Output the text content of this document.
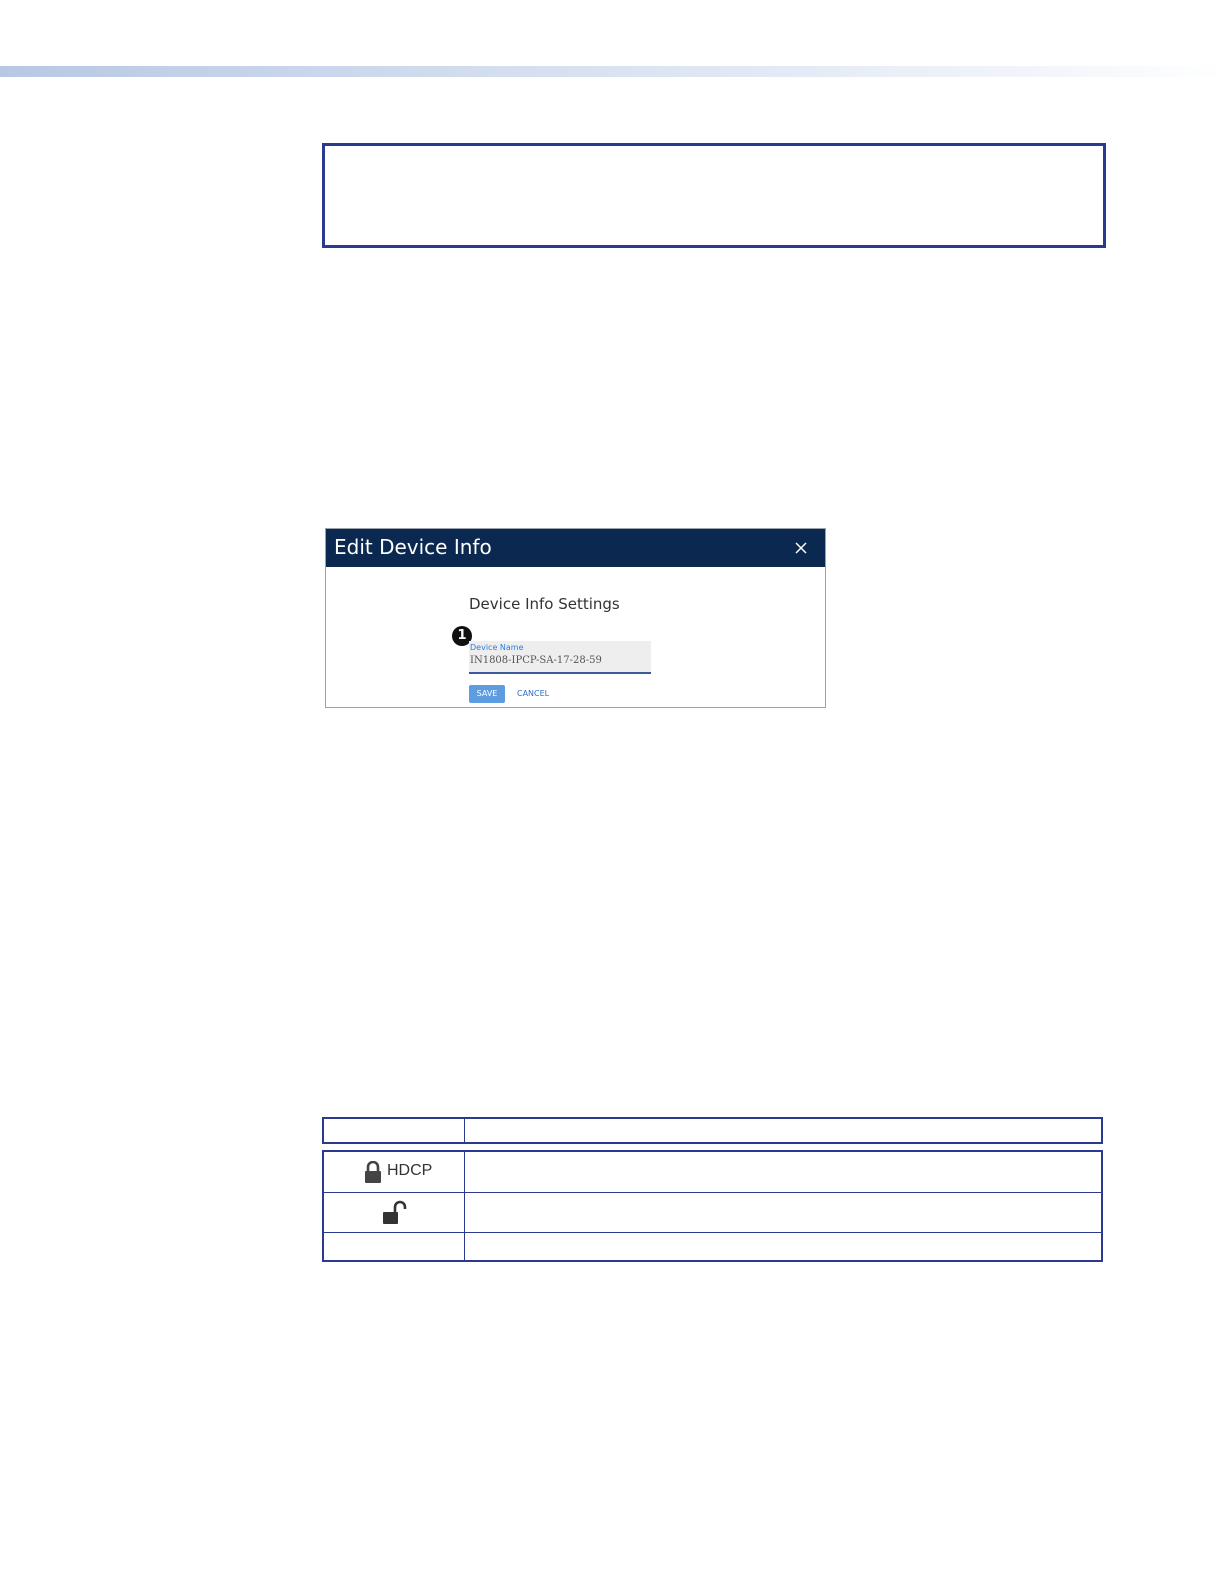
Edit Device Info
Device Info Settings
1
Device Name
IN1808-IPCP-SA-17-28-59
SAVE	CANCEL
HDCP
